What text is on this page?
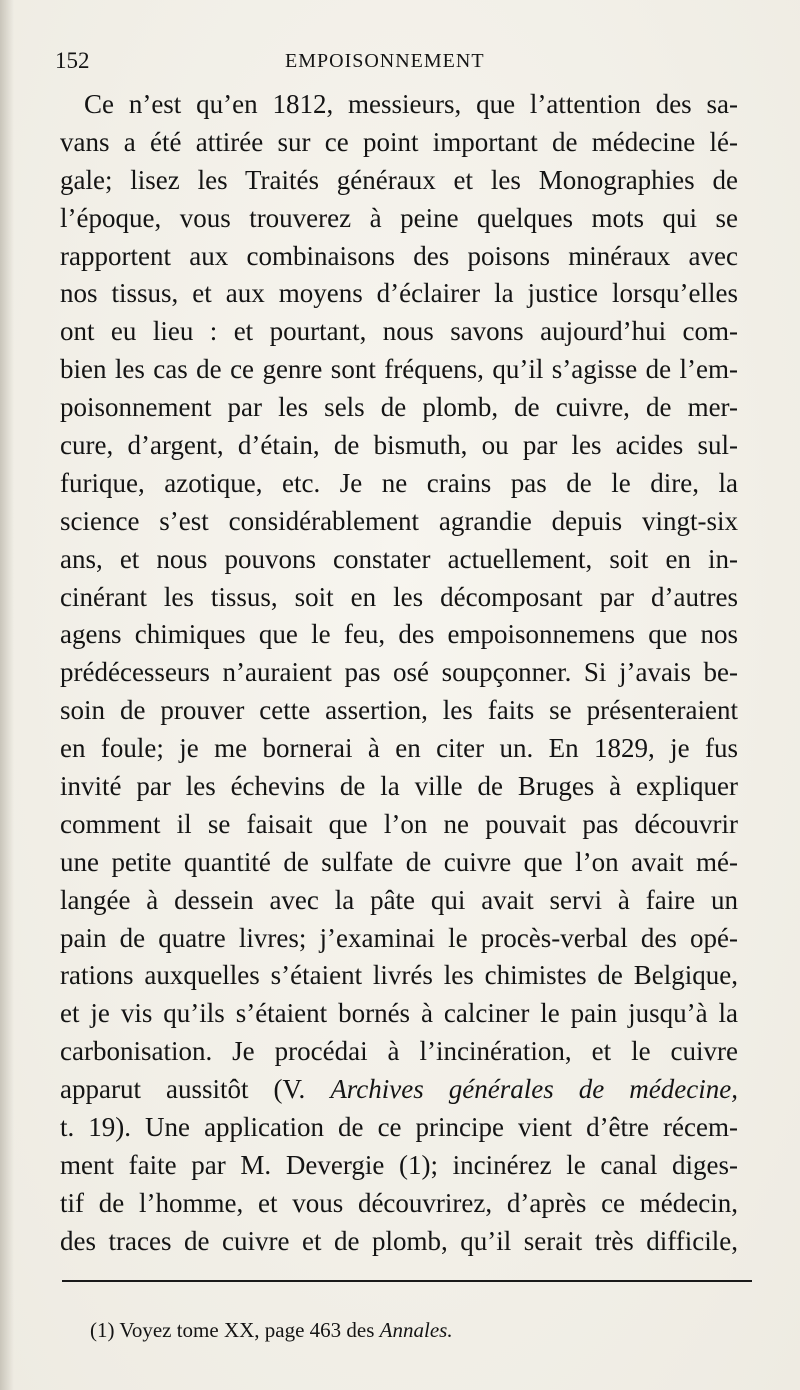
152	EMPOISONNEMENT
Ce n’est qu’en 1812, messieurs, que l’attention des sa-
vans a été attirée sur ce point important de médecine lé-
gale; lisez les Traités généraux et les Monographies de
l’époque, vous trouverez à peine quelques mots qui se
rapportent aux combinaisons des poisons minéraux avec
nos tissus, et aux moyens d’éclairer la justice lorsqu’elles
ont eu lieu : et pourtant, nous savons aujourd’hui com-
bien les cas de ce genre sont fréquens, qu’il s’agisse de l’em-
poisonnement par les sels de plomb, de cuivre, de mer-
cure, d’argent, d’étain, de bismuth, ou par les acides sul-
furique, azotique, etc. Je ne crains pas de le dire, la
science s’est considérablement agrandie depuis vingt-six
ans, et nous pouvons constater actuellement, soit en in-
cinérant les tissus, soit en les décomposant par d’autres
agens chimiques que le feu, des empoisonnemens que nos
prédécesseurs n’auraient pas osé soupçonner. Si j’avais be-
soin de prouver cette assertion, les faits se présenteraient
en foule; je me bornerai à en citer un. En 1829, je fus
invité par les échevins de la ville de Bruges à expliquer
comment il se faisait que l’on ne pouvait pas découvrir
une petite quantité de sulfate de cuivre que l’on avait mé-
langée à dessein avec la pâte qui avait servi à faire un
pain de quatre livres; j’examinai le procès-verbal des opé-
rations auxquelles s’étaient livrés les chimistes de Belgique,
et je vis qu’ils s’étaient bornés à calciner le pain jusqu’à la
carbonisation. Je procédai à l’incinération, et le cuivre
apparut aussitôt (V. Archives générales de médecine,
t. 19). Une application de ce principe vient d’être récem-
ment faite par M. Devergie (1); incinérez le canal diges-
tif de l’homme, et vous découvrirez, d’après ce médecin,
des traces de cuivre et de plomb, qu’il serait très difficile,
(1) Voyez tome XX, page 463 des Annales.
